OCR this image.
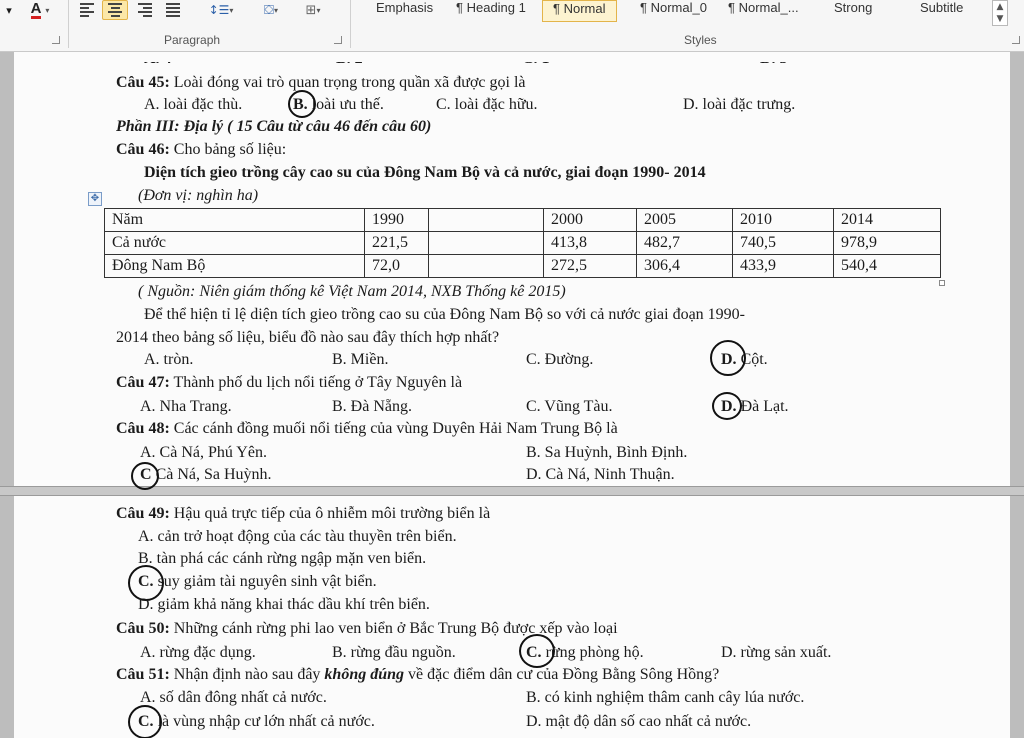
▾ A ▾	↕☰ ▾ ⛋ ▾ ⊞ ▾
Paragraph
Emphasis ¶ Heading 1	¶ Normal	¶ Normal_0 ¶ Normal_...	Strong	Subtitle	▲
▼
Styles
Câu 45: Loài đóng vai trò quan trọng trong quần xã được gọi là
A. loài đặc thù.	B. loài ưu thế.	C. loài đặc hữu.	D. loài đặc trưng.
Phần III: Địa lý ( 15 Câu từ câu 46 đến câu 60)
Câu 46: Cho bảng số liệu:
Diện tích gieo trồng cây cao su của Đông Nam Bộ và cả nước, giai đoạn 1990- 2014
(Đơn vị: nghìn ha)
✥
Năm	1990		2000	2005	2010	2014
Cả nước	221,5		413,8	482,7	740,5	978,9
Đông Nam Bộ	72,0		272,5	306,4	433,9	540,4
( Nguồn: Niên giám thống kê Việt Nam 2014, NXB Thống kê 2015)
Để thể hiện tỉ lệ diện tích gieo trồng cao su của Đông Nam Bộ so với cả nước giai đoạn 1990-
2014 theo bảng số liệu, biểu đồ nào sau đây thích hợp nhất?
A. tròn.	B. Miền.	C. Đường.	D. Cột.
Câu 47: Thành phố du lịch nổi tiếng ở Tây Nguyên là
A. Nha Trang.	B. Đà Nẵng.	C. Vũng Tàu.	D. Đà Lạt.
Câu 48: Các cánh đồng muối nổi tiếng của vùng Duyên Hải Nam Trung Bộ là
A. Cà Ná, Phú Yên.	B. Sa Huỳnh, Bình Định.
C Cà Ná, Sa Huỳnh.	D. Cà Ná, Ninh Thuận.
Câu 49: Hậu quả trực tiếp của ô nhiễm môi trường biển là
A. cản trở hoạt động của các tàu thuyền trên biển.
B. tàn phá các cánh rừng ngập mặn ven biển.
C. suy giảm tài nguyên sinh vật biển.
D. giảm khả năng khai thác dầu khí trên biển.
Câu 50: Những cánh rừng phi lao ven biển ở Bắc Trung Bộ được xếp vào loại
A. rừng đặc dụng.	B. rừng đầu nguồn.	C. rừng phòng hộ.	D. rừng sản xuất.
Câu 51: Nhận định nào sau đây không đúng về đặc điểm dân cư của Đồng Bằng Sông Hồng?
A. số dân đông nhất cả nước.	B. có kinh nghiệm thâm canh cây lúa nước.
C. là vùng nhập cư lớn nhất cả nước.	D. mật độ dân số cao nhất cả nước.
